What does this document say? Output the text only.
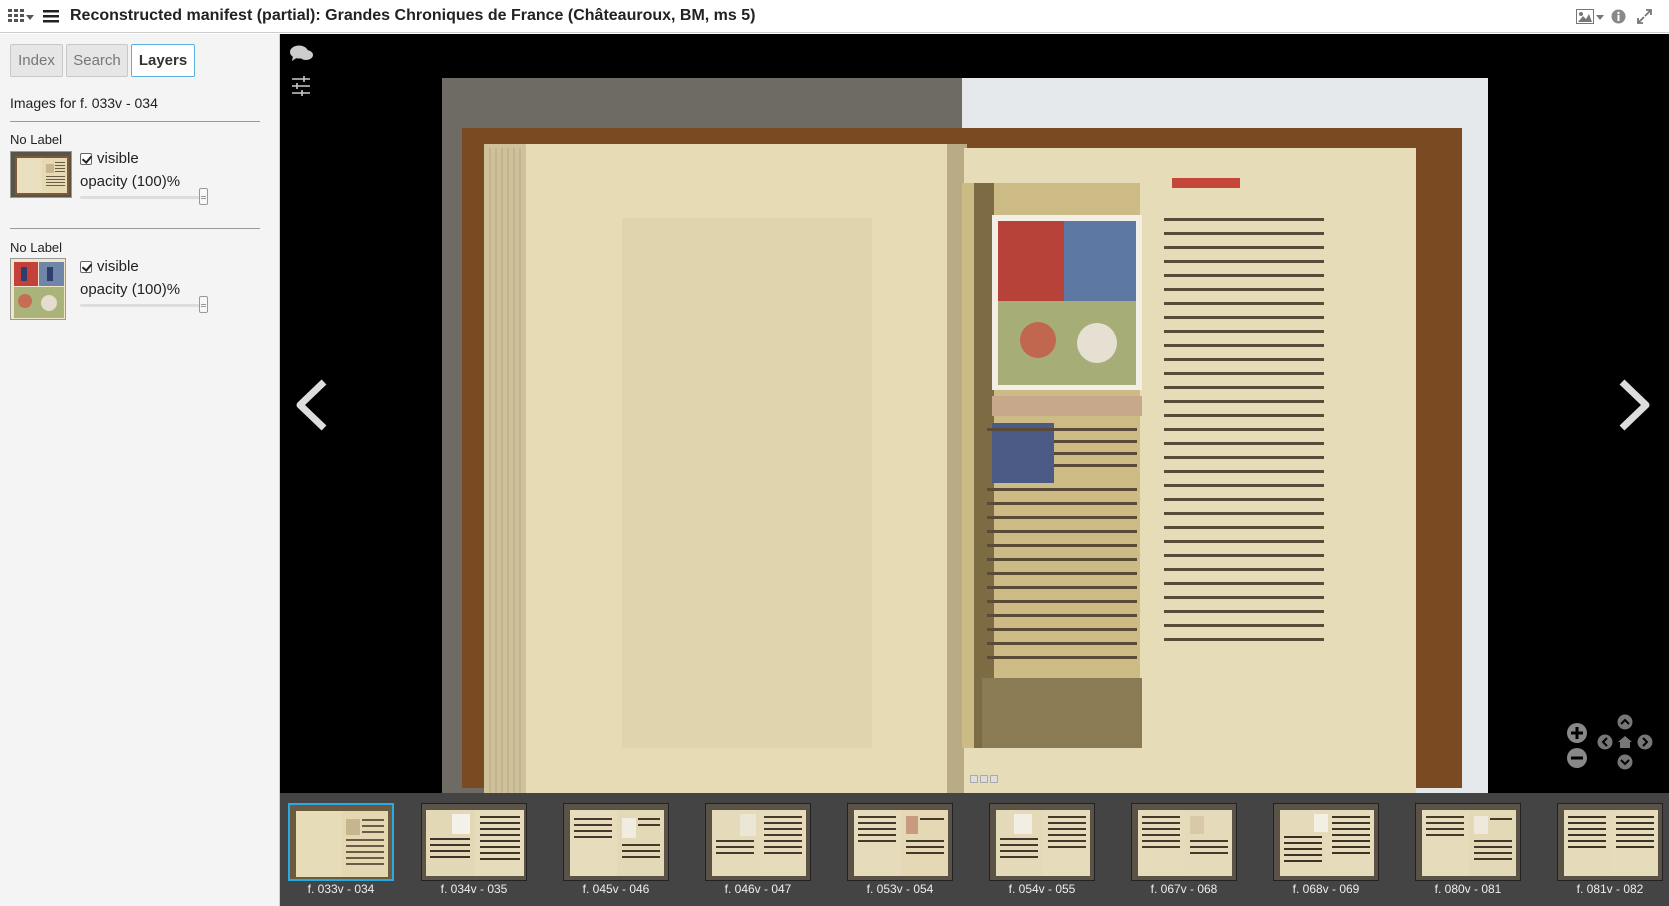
Reconstructed manifest (partial): Grandes Chroniques de France (Châteauroux, BM, ms 5)
Index	Search	Layers
Images for f. 033v - 034
No Label
visible
opacity (100)%
No Label
visible
opacity (100)%
f. 033v - 034	f. 034v - 035	f. 045v - 046	f. 046v - 047	f. 053v - 054	f. 054v - 055	f. 067v - 068	f. 068v - 069	f. 080v - 081	f. 081v - 082
